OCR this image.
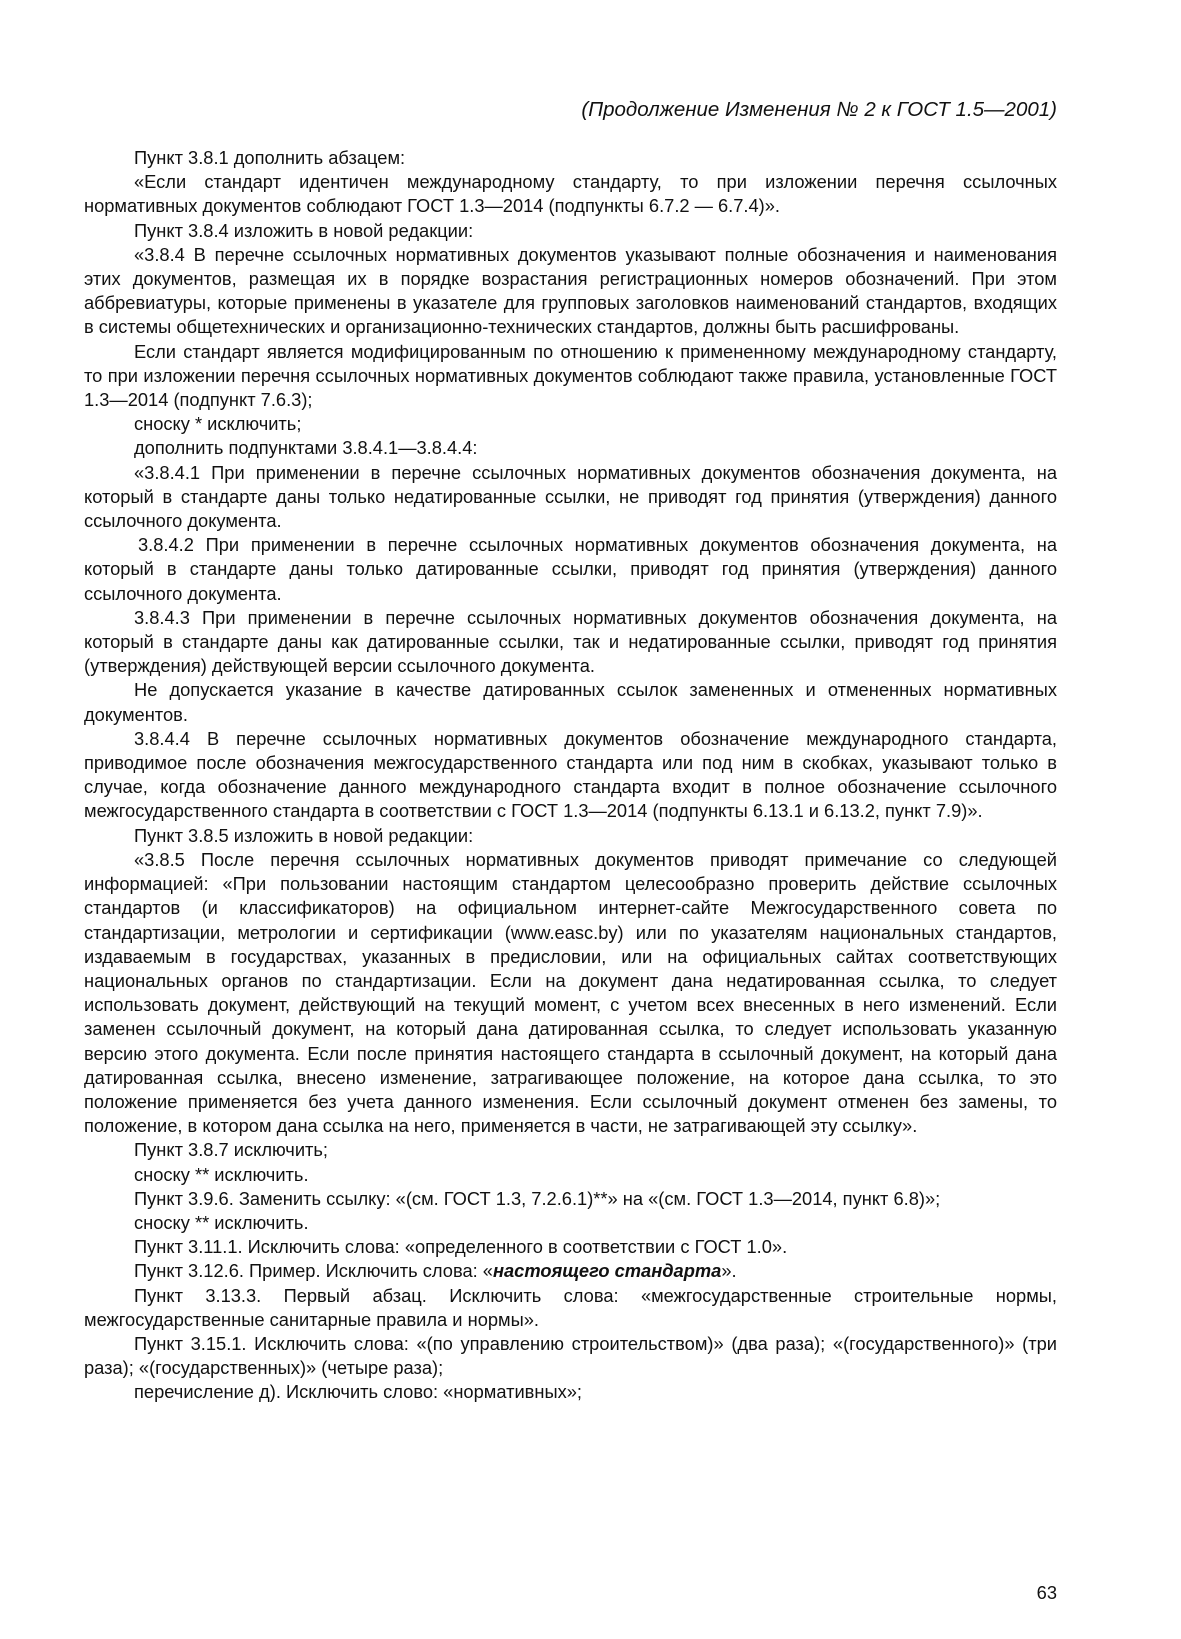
(Продолжение Изменения № 2 к ГОСТ 1.5—2001)

Пункт 3.8.1 дополнить абзацем:

«Если стандарт идентичен международному стандарту, то при изложении перечня ссылочных нормативных документов соблюдают ГОСТ 1.3—2014 (подпункты 6.7.2 — 6.7.4)».

Пункт 3.8.4 изложить в новой редакции:

«3.8.4 В перечне ссылочных нормативных документов указывают полные обозначения и наименования этих документов, размещая их в порядке возрастания регистрационных номеров обозначений. При этом аббревиатуры, которые применены в указателе для групповых заголовков наименований стандартов, входящих в системы общетехнических и организационно-технических стандартов, должны быть расшифрованы.

Если стандарт является модифицированным по отношению к примененному международному стандарту, то при изложении перечня ссылочных нормативных документов соблюдают также правила, установленные ГОСТ 1.3—2014 (подпункт 7.6.3);

сноску * исключить;

дополнить подпунктами 3.8.4.1—3.8.4.4:

«3.8.4.1 При применении в перечне ссылочных нормативных документов обозначения документа, на который в стандарте даны только недатированные ссылки, не приводят год принятия (утверждения) данного ссылочного документа.

3.8.4.2 При применении в перечне ссылочных нормативных документов обозначения документа, на который в стандарте даны только датированные ссылки, приводят год принятия (утверждения) данного ссылочного документа.

3.8.4.3 При применении в перечне ссылочных нормативных документов обозначения документа, на который в стандарте даны как датированные ссылки, так и недатированные ссылки, приводят год принятия (утверждения) действующей версии ссылочного документа.

Не допускается указание в качестве датированных ссылок замененных и отмененных нормативных документов.

3.8.4.4 В перечне ссылочных нормативных документов обозначение международного стандарта, приводимое после обозначения межгосударственного стандарта или под ним в скобках, указывают только в случае, когда обозначение данного международного стандарта входит в полное обозначение ссылочного межгосударственного стандарта в соответствии с ГОСТ 1.3—2014 (подпункты 6.13.1 и 6.13.2, пункт 7.9)».

Пункт 3.8.5 изложить в новой редакции:

«3.8.5 После перечня ссылочных нормативных документов приводят примечание со следующей информацией: «При пользовании настоящим стандартом целесообразно проверить действие ссылочных стандартов (и классификаторов) на официальном интернет-сайте Межгосударственного совета по стандартизации, метрологии и сертификации (www.easc.by) или по указателям национальных стандартов, издаваемым в государствах, указанных в предисловии, или на официальных сайтах соответствующих национальных органов по стандартизации. Если на документ дана недатированная ссылка, то следует использовать документ, действующий на текущий момент, с учетом всех внесенных в него изменений. Если заменен ссылочный документ, на который дана датированная ссылка, то следует использовать указанную версию этого документа. Если после принятия настоящего стандарта в ссылочный документ, на который дана датированная ссылка, внесено изменение, затрагивающее положение, на которое дана ссылка, то это положение применяется без учета данного изменения. Если ссылочный документ отменен без замены, то положение, в котором дана ссылка на него, применяется в части, не затрагивающей эту ссылку».

Пункт 3.8.7 исключить;

сноску ** исключить.

Пункт 3.9.6. Заменить ссылку: «(см. ГОСТ 1.3, 7.2.6.1)**» на «(см. ГОСТ 1.3—2014, пункт 6.8)»;

сноску ** исключить.

Пункт 3.11.1. Исключить слова: «определенного в соответствии с ГОСТ 1.0».

Пункт 3.12.6. Пример. Исключить слова: «настоящего стандарта».

Пункт 3.13.3. Первый абзац. Исключить слова: «межгосударственные строительные нормы, межгосударственные санитарные правила и нормы».

Пункт 3.15.1. Исключить слова: «(по управлению строительством)» (два раза); «(государственного)» (три раза); «(государственных)» (четыре раза);

перечисление д). Исключить слово: «нормативных»;

63
